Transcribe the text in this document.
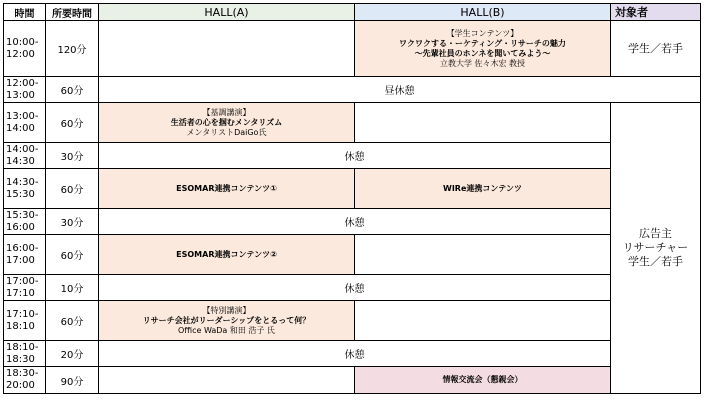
時間	所要時間	HALL(A)	HALL(B)	対象者
10:00-
12:00	120分		【学生コンテンツ】
ワクワクする・ーケティング・リサーチの魅力
～先輩社員のホンネを聞いてみよう～
立教大学 佐々木宏 教授	学生／若手
12:00-
13:00	60分	昼休憩		
13:00-
14:00	60分	【基調講演】
生活者の心を掴むメンタリズム
メンタリストDaiGo氏		広告主
リサーチャー
学生／若手
14:00-
14:30	30分	休憩		
14:30-
15:30	60分	ESOMAR連携コンテンツ①	WIRe連携コンテンツ	
15:30-
16:00	30分	休憩		
16:00-
17:00	60分	ESOMAR連携コンテンツ②		
17:00-
17:10	10分	休憩		
17:10-
18:10	60分	【特別講演】
リサーチ会社がリーダーシップをとるって何？
Office WaDa 和田 浩子 氏		

18:10-
18:30	20分	休憩		
18:30-
20:00	90分		情報交流会（懇親会）	
